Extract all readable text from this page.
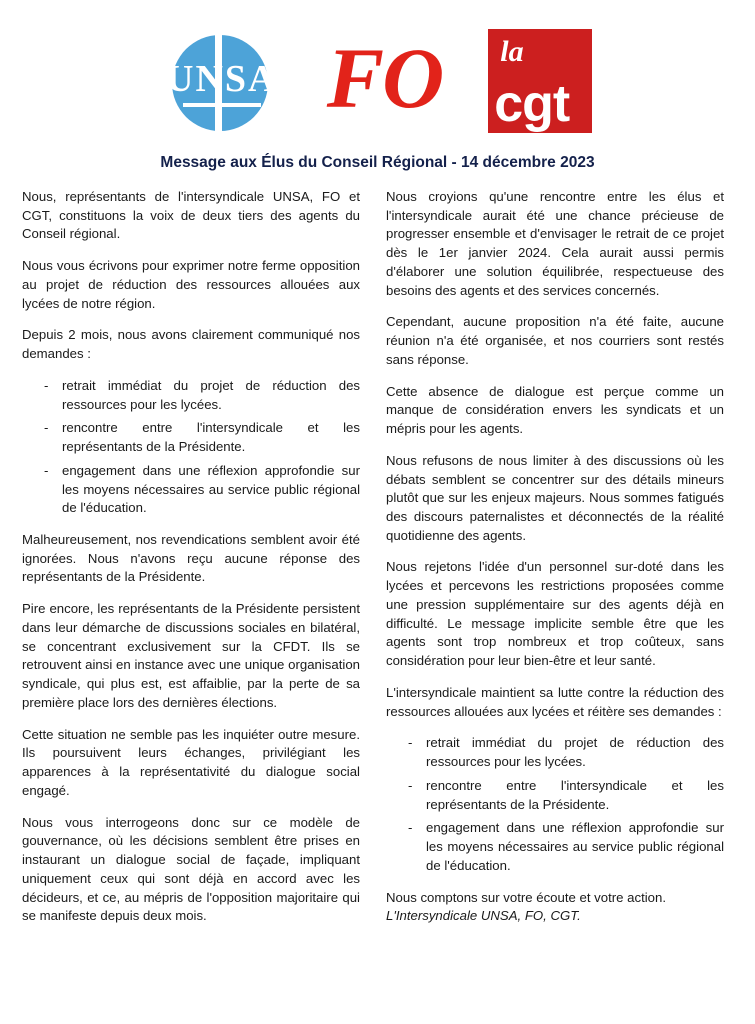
UNSA FO la
cgt
Message aux Élus du Conseil Régional - 14 décembre 2023

Nous, représentants de l'intersyndicale UNSA, FO et CGT, constituons la voix de deux tiers des agents du Conseil régional.

Nous vous écrivons pour exprimer notre ferme opposition au projet de réduction des ressources allouées aux lycées de notre région.

Depuis 2 mois, nous avons clairement communiqué nos demandes :

- retrait immédiat du projet de réduction des ressources pour les lycées.
- rencontre entre l'intersyndicale et les représentants de la Présidente.
- engagement dans une réflexion approfondie sur les moyens nécessaires au service public régional de l'éducation.

Malheureusement, nos revendications semblent avoir été ignorées. Nous n'avons reçu aucune réponse des représentants de la Présidente.

Pire encore, les représentants de la Présidente persistent dans leur démarche de discussions sociales en bilatéral, se concentrant exclusivement sur la CFDT. Ils se retrouvent ainsi en instance avec une unique organisation syndicale, qui plus est, est affaiblie, par la perte de sa première place lors des dernières élections.

Cette situation ne semble pas les inquiéter outre mesure. Ils poursuivent leurs échanges, privilégiant les apparences à la représentativité du dialogue social engagé.

Nous vous interrogeons donc sur ce modèle de gouvernance, où les décisions semblent être prises en instaurant un dialogue social de façade, impliquant uniquement ceux qui sont déjà en accord avec les décideurs, et ce, au mépris de l'opposition majoritaire qui se manifeste depuis deux mois.

Nous croyions qu'une rencontre entre les élus et l'intersyndicale aurait été une chance précieuse de progresser ensemble et d'envisager le retrait de ce projet dès le 1er janvier 2024. Cela aurait aussi permis d'élaborer une solution équilibrée, respectueuse des besoins des agents et des services concernés.

Cependant, aucune proposition n'a été faite, aucune réunion n'a été organisée, et nos courriers sont restés sans réponse.

Cette absence de dialogue est perçue comme un manque de considération envers les syndicats et un mépris pour les agents.

Nous refusons de nous limiter à des discussions où les débats semblent se concentrer sur des détails mineurs plutôt que sur les enjeux majeurs. Nous sommes fatigués des discours paternalistes et déconnectés de la réalité quotidienne des agents.

Nous rejetons l'idée d'un personnel sur-doté dans les lycées et percevons les restrictions proposées comme une pression supplémentaire sur des agents déjà en difficulté. Le message implicite semble être que les agents sont trop nombreux et trop coûteux, sans considération pour leur bien-être et leur santé.

L'intersyndicale maintient sa lutte contre la réduction des ressources allouées aux lycées et réitère ses demandes :

- retrait immédiat du projet de réduction des ressources pour les lycées.
- rencontre entre l'intersyndicale et les représentants de la Présidente.
- engagement dans une réflexion approfondie sur les moyens nécessaires au service public régional de l'éducation.

Nous comptons sur votre écoute et votre action.

L'Intersyndicale UNSA, FO, CGT.
